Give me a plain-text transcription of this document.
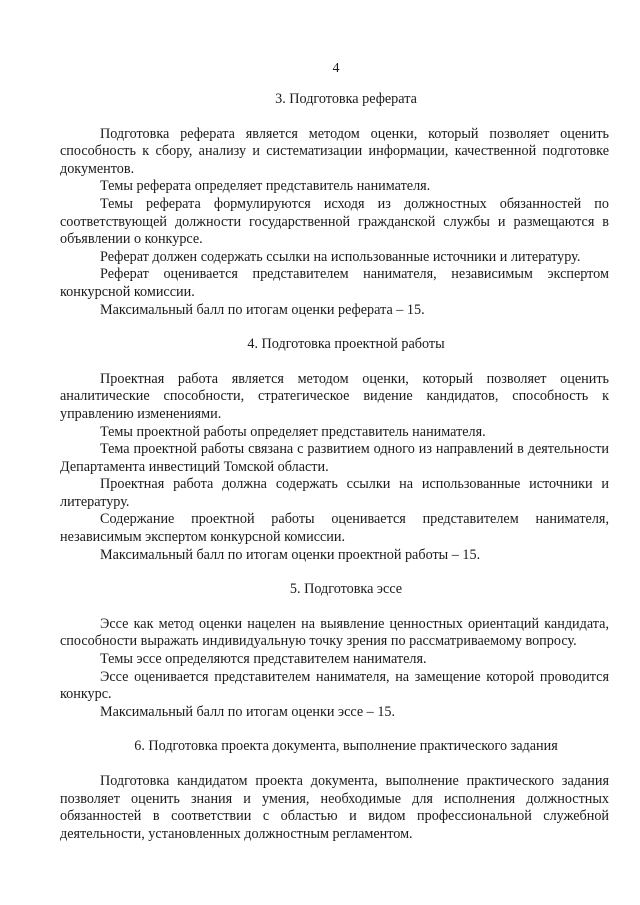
4
3. Подготовка реферата

Подготовка реферата является методом оценки, который позволяет оценить способность к сбору, анализу и систематизации информации, качественной подготовке документов.

Темы реферата определяет представитель нанимателя.

Темы реферата формулируются исходя из должностных обязанностей по соответствующей должности государственной гражданской службы и размещаются в объявлении о конкурсе.

Реферат должен содержать ссылки на использованные источники и литературу.

Реферат оценивается представителем нанимателя, независимым экспертом конкурсной комиссии.

Максимальный балл по итогам оценки реферата – 15.

4. Подготовка проектной работы

Проектная работа является методом оценки, который позволяет оценить аналитические способности, стратегическое видение кандидатов, способность к управлению изменениями.

Темы проектной работы определяет представитель нанимателя.

Тема проектной работы связана с развитием одного из направлений в деятельности Департамента инвестиций Томской области.

Проектная работа должна содержать ссылки на использованные источники и литературу.

Содержание проектной работы оценивается представителем нанимателя, независимым экспертом конкурсной комиссии.

Максимальный балл по итогам оценки проектной работы – 15.

5. Подготовка эссе

Эссе как метод оценки нацелен на выявление ценностных ориентаций кандидата, способности выражать индивидуальную точку зрения по рассматриваемому вопросу.

Темы эссе определяются представителем нанимателя.

Эссе оценивается представителем нанимателя, на замещение которой проводится конкурс.

Максимальный балл по итогам оценки эссе – 15.

6. Подготовка проекта документа, выполнение практического задания

Подготовка кандидатом проекта документа, выполнение практического задания позволяет оценить знания и умения, необходимые для исполнения должностных обязанностей в соответствии с областью и видом профессиональной служебной деятельности, установленных должностным регламентом.
